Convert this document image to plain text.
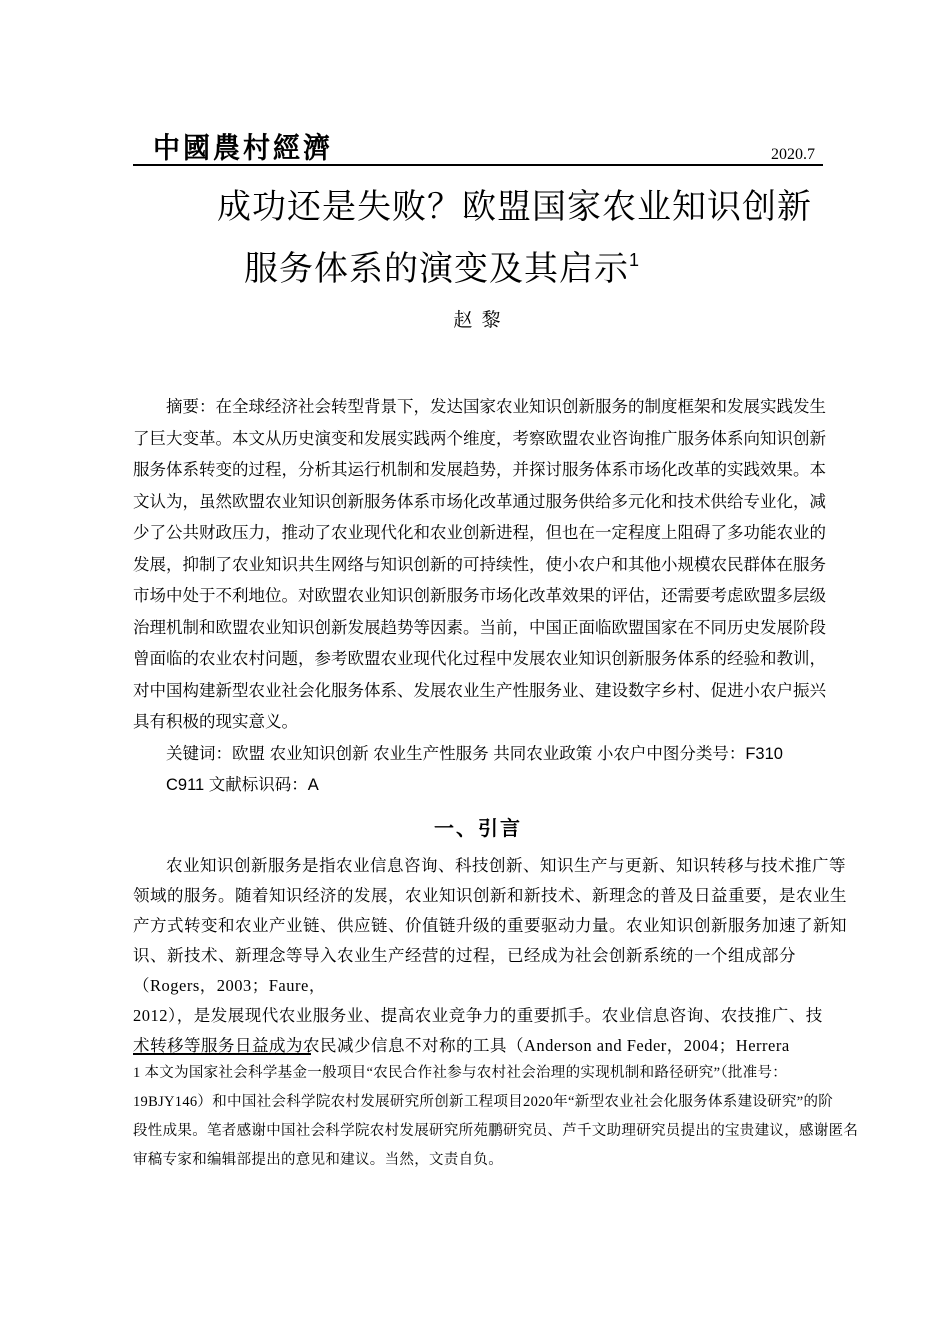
中國農村經濟	2020.7
成功还是失败？欧盟国家农业知识创新
服务体系的演变及其启示$^1$
赵 黎
摘要：在全球经济社会转型背景下，发达国家农业知识创新服务的制度框架和发展实践发生
了巨大变革。本文从历史演变和发展实践两个维度，考察欧盟农业咨询推广服务体系向知识创新
服务体系转变的过程，分析其运行机制和发展趋势，并探讨服务体系市场化改革的实践效果。本
文认为，虽然欧盟农业知识创新服务体系市场化改革通过服务供给多元化和技术供给专业化，减
少了公共财政压力，推动了农业现代化和农业创新进程，但也在一定程度上阻碍了多功能农业的
发展，抑制了农业知识共生网络与知识创新的可持续性，使小农户和其他小规模农民群体在服务
市场中处于不利地位。对欧盟农业知识创新服务市场化改革效果的评估，还需要考虑欧盟多层级
治理机制和欧盟农业知识创新发展趋势等因素。当前，中国正面临欧盟国家在不同历史发展阶段
曾面临的农业农村问题，参考欧盟农业现代化过程中发展农业知识创新服务体系的经验和教训，
对中国构建新型农业社会化服务体系、发展农业生产性服务业、建设数字乡村、促进小农户振兴
具有积极的现实意义。
关键词：欧盟 农业知识创新 农业生产性服务 共同农业政策 小农户中图分类号：F310
C911 文献标识码：A
一、引言
农业知识创新服务是指农业信息咨询、科技创新、知识生产与更新、知识转移与技术推广等
领域的服务。随着知识经济的发展，农业知识创新和新技术、新理念的普及日益重要，是农业生
产方式转变和农业产业链、供应链、价值链升级的重要驱动力量。农业知识创新服务加速了新知
识、新技术、新理念等导入农业生产经营的过程，已经成为社会创新系统的一个组成部分
（Rogers，2003；Faure，
2012），是发展现代农业服务业、提高农业竞争力的重要抓手。农业信息咨询、农技推广、技
术转移等服务日益成为农民减少信息不对称的工具（Anderson and Feder，2004；Herrera
1 本文为国家社会科学基金一般项目“农民合作社参与农村社会治理的实现机制和路径研究”（批准号：
19BJY146）和中国社会科学院农村发展研究所创新工程项目2020年“新型农业社会化服务体系建设研究”的阶
段性成果。笔者感谢中国社会科学院农村发展研究所苑鹏研究员、芦千文助理研究员提出的宝贵建议，感谢匿名
审稿专家和编辑部提出的意见和建议。当然，文责自负。
